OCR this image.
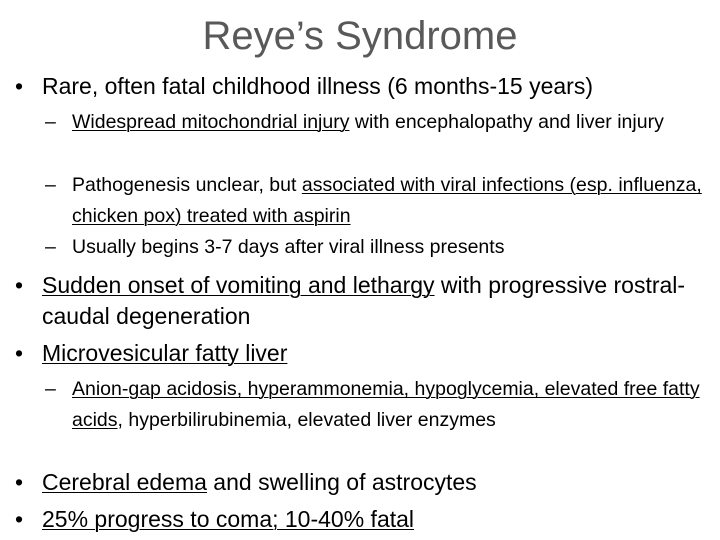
Reye’s Syndrome

• Rare, often fatal childhood illness (6 months-15 years)

– Widespread mitochondrial injury with encephalopathy and liver injury

– Pathogenesis unclear, but associated with viral infections (esp. influenza, chicken pox) treated with aspirin

– Usually begins 3-7 days after viral illness presents

• Sudden onset of vomiting and lethargy with progressive rostral-caudal degeneration

• Microvesicular fatty liver

– Anion-gap acidosis, hyperammonemia, hypoglycemia, elevated free fatty acids, hyperbilirubinemia, elevated liver enzymes

• Cerebral edema and swelling of astrocytes

• 25% progress to coma; 10-40% fatal
